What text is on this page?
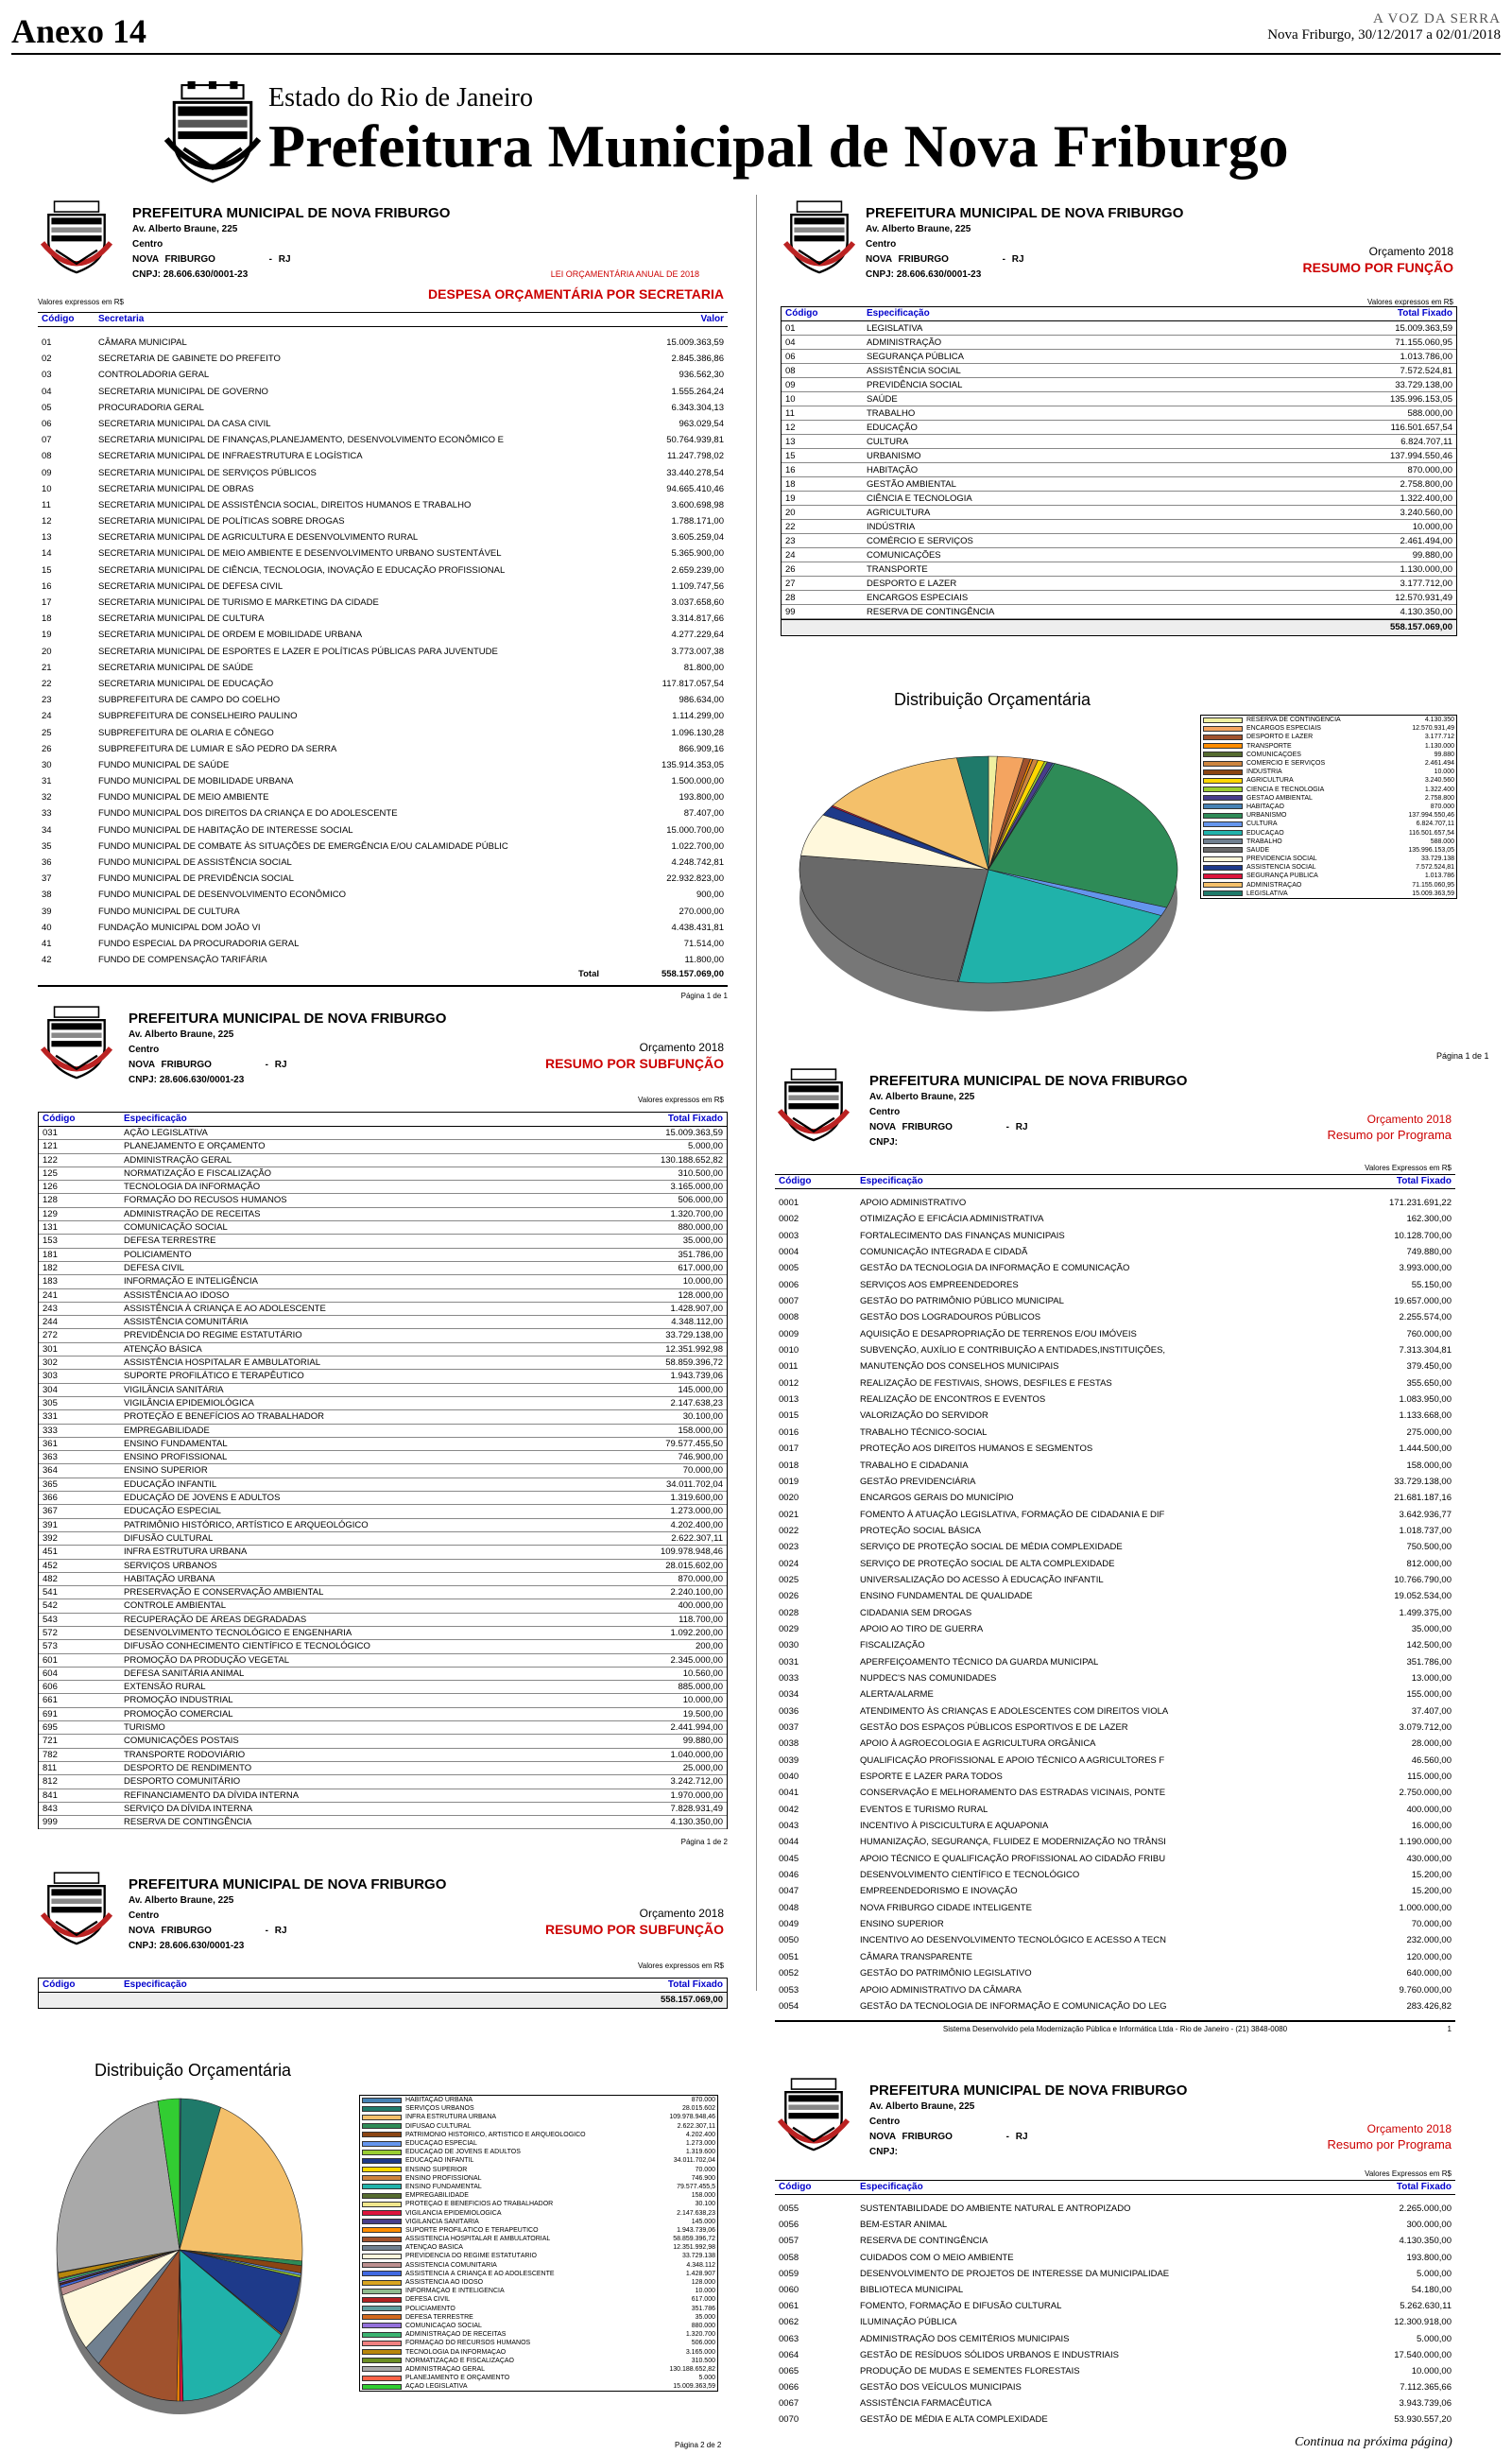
Anexo 14	A VOZ DA SERRA
Nova Friburgo, 30/12/2017 a 02/01/2018
Estado do Rio de Janeiro
Prefeitura Municipal de Nova Friburgo
PREFEITURA MUNICIPAL DE NOVA FRIBURGO
Av. Alberto Braune, 225
Centro
NOVA FRIBURGO	- RJ
CNPJ: 28.606.630/0001-23	LEI ORÇAMENTÁRIA ANUAL DE 2018
DESPESA ORÇAMENTÁRIA POR SECRETARIA
Valores expressos em R$
Código	Secretaria	Valor
01	CÂMARA MUNICIPAL	15.009.363,59
02	SECRETARIA DE GABINETE DO PREFEITO	2.845.386,86
03	CONTROLADORIA GERAL	936.562,30
04	SECRETARIA MUNICIPAL DE GOVERNO	1.555.264,24
05	PROCURADORIA GERAL	6.343.304,13
06	SECRETARIA MUNICIPAL DA CASA CIVIL	963.029,54
07	SECRETARIA MUNICIPAL DE FINANÇAS,PLANEJAMENTO, DESENVOLVIMENTO ECONÔMICO E	50.764.939,81
08	SECRETARIA MUNICIPAL DE INFRAESTRUTURA E LOGÍSTICA	11.247.798,02
09	SECRETARIA MUNICIPAL DE SERVIÇOS PÚBLICOS	33.440.278,54
10	SECRETARIA MUNICIPAL DE OBRAS	94.665.410,46
11	SECRETARIA MUNICIPAL DE ASSISTÊNCIA SOCIAL, DIREITOS HUMANOS E TRABALHO	3.600.698,98
12	SECRETARIA MUNICIPAL DE POLÍTICAS SOBRE DROGAS	1.788.171,00
13	SECRETARIA MUNICIPAL DE AGRICULTURA E DESENVOLVIMENTO RURAL	3.605.259,04
14	SECRETARIA MUNICIPAL DE MEIO AMBIENTE E DESENVOLVIMENTO URBANO SUSTENTÁVEL	5.365.900,00
15	SECRETARIA MUNICIPAL DE CIÊNCIA, TECNOLOGIA, INOVAÇÃO E EDUCAÇÃO PROFISSIONAL	2.659.239,00
16	SECRETARIA MUNICIPAL DE DEFESA CIVIL	1.109.747,56
17	SECRETARIA MUNICIPAL DE TURISMO E MARKETING DA CIDADE	3.037.658,60
18	SECRETARIA MUNICIPAL DE CULTURA	3.314.817,66
19	SECRETARIA MUNICIPAL DE ORDEM E MOBILIDADE URBANA	4.277.229,64
20	SECRETARIA MUNICIPAL DE ESPORTES E LAZER E POLÍTICAS PÚBLICAS PARA JUVENTUDE	3.773.007,38
21	SECRETARIA MUNICIPAL DE SAÚDE	81.800,00
22	SECRETARIA MUNICIPAL DE EDUCAÇÃO	117.817.057,54
23	SUBPREFEITURA DE CAMPO DO COELHO	986.634,00
24	SUBPREFEITURA DE CONSELHEIRO PAULINO	1.114.299,00
25	SUBPREFEITURA DE OLARIA E CÔNEGO	1.096.130,28
26	SUBPREFEITURA DE LUMIAR E SÃO PEDRO DA SERRA	866.909,16
30	FUNDO MUNICIPAL DE SAÚDE	135.914.353,05
31	FUNDO MUNICIPAL DE MOBILIDADE URBANA	1.500.000,00
32	FUNDO MUNICIPAL DE MEIO AMBIENTE	193.800,00
33	FUNDO MUNICIPAL DOS DIREITOS DA CRIANÇA E DO ADOLESCENTE	87.407,00
34	FUNDO MUNICIPAL DE HABITAÇÃO DE INTERESSE SOCIAL	15.000.700,00
35	FUNDO MUNICIPAL DE COMBATE ÀS SITUAÇÕES DE EMERGÊNCIA E/OU CALAMIDADE PÚBLIC	1.022.700,00
36	FUNDO MUNICIPAL DE ASSISTÊNCIA SOCIAL	4.248.742,81
37	FUNDO MUNICIPAL DE PREVIDÊNCIA SOCIAL	22.932.823,00
38	FUNDO MUNICIPAL DE DESENVOLVIMENTO ECONÔMICO	900,00
39	FUNDO MUNICIPAL DE CULTURA	270.000,00
40	FUNDAÇÃO MUNICIPAL DOM JOÃO VI	4.438.431,81
41	FUNDO ESPECIAL DA PROCURADORIA GERAL	71.514,00
42	FUNDO DE COMPENSAÇÃO TARIFÁRIA	11.800,00
Total	558.157.069,00
Página 1 de 1
PREFEITURA MUNICIPAL DE NOVA FRIBURGO
Av. Alberto Braune, 225
Centro
NOVA FRIBURGO	- RJ
CNPJ: 28.606.630/0001-23
Orçamento 2018
RESUMO POR FUNÇÃO
Valores expressos em R$
Código	Especificação	Total Fixado
01	LEGISLATIVA	15.009.363,59
04	ADMINISTRAÇÃO	71.155.060,95
06	SEGURANÇA PÚBLICA	1.013.786,00
08	ASSISTÊNCIA SOCIAL	7.572.524,81
09	PREVIDÊNCIA SOCIAL	33.729.138,00
10	SAÚDE	135.996.153,05
11	TRABALHO	588.000,00
12	EDUCAÇÃO	116.501.657,54
13	CULTURA	6.824.707,11
15	URBANISMO	137.994.550,46
16	HABITAÇÃO	870.000,00
18	GESTÃO AMBIENTAL	2.758.800,00
19	CIÊNCIA E TECNOLOGIA	1.322.400,00
20	AGRICULTURA	3.240.560,00
22	INDÚSTRIA	10.000,00
23	COMÉRCIO E SERVIÇOS	2.461.494,00
24	COMUNICAÇÕES	99.880,00
26	TRANSPORTE	1.130.000,00
27	DESPORTO E LAZER	3.177.712,00
28	ENCARGOS ESPECIAIS	12.570.931,49
99	RESERVA DE CONTINGÊNCIA	4.130.350,00
558.157.069,00
Distribuição Orçamentária
RESERVA DE CONTINGÊNCIA	4.130.350
ENCARGOS ESPECIAIS	12.570.931,49
DESPORTO E LAZER	3.177.712
TRANSPORTE	1.130.000
COMUNICAÇÕES	99.880
COMÉRCIO E SERVIÇOS	2.461.494
INDÚSTRIA	10.000
AGRICULTURA	3.240.560
CIÊNCIA E TECNOLOGIA	1.322.400
GESTÃO AMBIENTAL	2.758.800
HABITAÇÃO	870.000
URBANISMO	137.994.550,46
CULTURA	6.824.707,11
EDUCAÇÃO	116.501.657,54
TRABALHO	588.000
SAÚDE	135.996.153,05
PREVIDÊNCIA SOCIAL	33.729.138
ASSISTÊNCIA SOCIAL	7.572.524,81
SEGURANÇA PÚBLICA	1.013.786
ADMINISTRAÇÃO	71.155.060,95
LEGISLATIVA	15.009.363,59
Página 1 de 1
PREFEITURA MUNICIPAL DE NOVA FRIBURGO
Av. Alberto Braune, 225
Centro
NOVA FRIBURGO	- RJ
CNPJ: 28.606.630/0001-23
Orçamento 2018
RESUMO POR SUBFUNÇÃO
Valores expressos em R$
Código	Especificação	Total Fixado
031	AÇÃO LEGISLATIVA	15.009.363,59
121	PLANEJAMENTO E ORÇAMENTO	5.000,00
122	ADMINISTRAÇÃO GERAL	130.188.652,82
125	NORMATIZAÇÃO E FISCALIZAÇÃO	310.500,00
126	TECNOLOGIA DA INFORMAÇÃO	3.165.000,00
128	FORMAÇÃO DO RECUSOS HUMANOS	506.000,00
129	ADMINISTRAÇÃO DE RECEITAS	1.320.700,00
131	COMUNICAÇÃO SOCIAL	880.000,00
153	DEFESA TERRESTRE	35.000,00
181	POLICIAMENTO	351.786,00
182	DEFESA CIVIL	617.000,00
183	INFORMAÇÃO E INTELIGÊNCIA	10.000,00
241	ASSISTÊNCIA AO IDOSO	128.000,00
243	ASSISTÊNCIA À CRIANÇA E AO ADOLESCENTE	1.428.907,00
244	ASSISTÊNCIA COMUNITÁRIA	4.348.112,00
272	PREVIDÊNCIA DO REGIME ESTATUTÁRIO	33.729.138,00
301	ATENÇÃO BÁSICA	12.351.992,98
302	ASSISTÊNCIA HOSPITALAR E AMBULATORIAL	58.859.396,72
303	SUPORTE PROFILÁTICO E TERAPÊUTICO	1.943.739,06
304	VIGILÂNCIA SANITÁRIA	145.000,00
305	VIGILÂNCIA EPIDEMIOLÓGICA	2.147.638,23
331	PROTEÇÃO E BENEFÍCIOS AO TRABALHADOR	30.100,00
333	EMPREGABILIDADE	158.000,00
361	ENSINO FUNDAMENTAL	79.577.455,50
363	ENSINO PROFISSIONAL	746.900,00
364	ENSINO SUPERIOR	70.000,00
365	EDUCAÇÃO INFANTIL	34.011.702,04
366	EDUCAÇÃO DE JOVENS E ADULTOS	1.319.600,00
367	EDUCAÇÃO ESPECIAL	1.273.000,00
391	PATRIMÔNIO HISTÓRICO, ARTÍSTICO E ARQUEOLÓGICO	4.202.400,00
392	DIFUSÃO CULTURAL	2.622.307,11
451	INFRA ESTRUTURA URBANA	109.978.948,46
452	SERVIÇOS URBANOS	28.015.602,00
482	HABITAÇÃO URBANA	870.000,00
541	PRESERVAÇÃO E CONSERVAÇÃO AMBIENTAL	2.240.100,00
542	CONTROLE AMBIENTAL	400.000,00
543	RECUPERAÇÃO DE ÁREAS DEGRADADAS	118.700,00
572	DESENVOLVIMENTO TECNOLÓGICO E ENGENHARIA	1.092.200,00
573	DIFUSÃO CONHECIMENTO CIENTÍFICO E TECNOLÓGICO	200,00
601	PROMOÇÃO DA PRODUÇÃO VEGETAL	2.345.000,00
604	DEFESA SANITÁRIA ANIMAL	10.560,00
606	EXTENSÃO RURAL	885.000,00
661	PROMOÇÃO INDUSTRIAL	10.000,00
691	PROMOÇÃO COMERCIAL	19.500,00
695	TURISMO	2.441.994,00
721	COMUNICAÇÕES POSTAIS	99.880,00
782	TRANSPORTE RODOVIÁRIO	1.040.000,00
811	DESPORTO DE RENDIMENTO	25.000,00
812	DESPORTO COMUNITÁRIO	3.242.712,00
841	REFINANCIAMENTO DA DÍVIDA INTERNA	1.970.000,00
843	SERVIÇO DA DÍVIDA INTERNA	7.828.931,49
999	RESERVA DE CONTINGÊNCIA	4.130.350,00
Página 1 de 2
PREFEITURA MUNICIPAL DE NOVA FRIBURGO
Av. Alberto Braune, 225
Centro
NOVA FRIBURGO	- RJ
CNPJ: 28.606.630/0001-23
Orçamento 2018
RESUMO POR SUBFUNÇÃO
Valores expressos em R$
Código	Especificação	Total Fixado
558.157.069,00
Distribuição Orçamentária
HABITAÇÃO URBANA	870.000
SERVIÇOS URBANOS	28.015.602
INFRA ESTRUTURA URBANA	109.978.948,46
DIFUSÃO CULTURAL	2.622.307,11
PATRIMÔNIO HISTÓRICO, ARTÍSTICO E ARQUEOLÓGICO	4.202.400
EDUCAÇÃO ESPECIAL	1.273.000
EDUCAÇÃO DE JOVENS E ADULTOS	1.319.600
EDUCAÇÃO INFANTIL	34.011.702,04
ENSINO SUPERIOR	70.000
ENSINO PROFISSIONAL	746.900
ENSINO FUNDAMENTAL	79.577.455,5
EMPREGABILIDADE	158.000
PROTEÇÃO E BENEFÍCIOS AO TRABALHADOR	30.100
VIGILÂNCIA EPIDEMIOLÓGICA	2.147.638,23
VIGILÂNCIA SANITÁRIA	145.000
SUPORTE PROFILÁTICO E TERAPÊUTICO	1.943.739,06
ASSISTÊNCIA HOSPITALAR E AMBULATORIAL	58.859.396,72
ATENÇÃO BÁSICA	12.351.992,98
PREVIDÊNCIA DO REGIME ESTATUTÁRIO	33.729.138
ASSISTÊNCIA COMUNITÁRIA	4.348.112
ASSISTÊNCIA À CRIANÇA E AO ADOLESCENTE	1.428.907
ASSISTÊNCIA AO IDOSO	128.000
INFORMAÇÃO E INTELIGÊNCIA	10.000
DEFESA CIVIL	617.000
POLICIAMENTO	351.786
DEFESA TERRESTRE	35.000
COMUNICAÇÃO SOCIAL	880.000
ADMINISTRAÇÃO DE RECEITAS	1.320.700
FORMAÇÃO DO RECURSOS HUMANOS	506.000
TECNOLOGIA DA INFORMAÇÃO	3.165.000
NORMATIZAÇÃO E FISCALIZAÇÃO	310.500
ADMINISTRAÇÃO GERAL	130.188.652,82
PLANEJAMENTO E ORÇAMENTO	5.000
AÇÃO LEGISLATIVA	15.009.363,59
Página 2 de 2
PREFEITURA MUNICIPAL DE NOVA FRIBURGO
Av. Alberto Braune, 225
Centro
NOVA FRIBURGO	- RJ
CNPJ:
Orçamento 2018
Resumo por Programa
Valores Expressos em R$
Código	Especificação	Total Fixado
0001	APOIO ADMINISTRATIVO	171.231.691,22
0002	OTIMIZAÇÃO E EFICÁCIA ADMINISTRATIVA	162.300,00
0003	FORTALECIMENTO DAS FINANÇAS MUNICIPAIS	10.128.700,00
0004	COMUNICAÇÃO INTEGRADA E CIDADÃ	749.880,00
0005	GESTÃO DA TECNOLOGIA DA INFORMAÇÃO E COMUNICAÇÃO	3.993.000,00
0006	SERVIÇOS AOS EMPREENDEDORES	55.150,00
0007	GESTÃO DO PATRIMÔNIO PÚBLICO MUNICIPAL	19.657.000,00
0008	GESTÃO DOS LOGRADOUROS PÚBLICOS	2.255.574,00
0009	AQUISIÇÃO E DESAPROPRIAÇÃO DE TERRENOS E/OU IMÓVEIS	760.000,00
0010	SUBVENÇÃO, AUXÍLIO E CONTRIBUIÇÃO A ENTIDADES,INSTITUIÇÕES,	7.313.304,81
0011	MANUTENÇÃO DOS CONSELHOS MUNICIPAIS	379.450,00
0012	REALIZAÇÃO DE FESTIVAIS, SHOWS, DESFILES E FESTAS	355.650,00
0013	REALIZAÇÃO DE ENCONTROS E EVENTOS	1.083.950,00
0015	VALORIZAÇÃO DO SERVIDOR	1.133.668,00
0016	TRABALHO TÉCNICO-SOCIAL	275.000,00
0017	PROTEÇÃO AOS DIREITOS HUMANOS E SEGMENTOS	1.444.500,00
0018	TRABALHO E CIDADANIA	158.000,00
0019	GESTÃO PREVIDENCIÁRIA	33.729.138,00
0020	ENCARGOS GERAIS DO MUNICÍPIO	21.681.187,16
0021	FOMENTO À ATUAÇÃO LEGISLATIVA, FORMAÇÃO DE CIDADANIA E DIF	3.642.936,77
0022	PROTEÇÃO SOCIAL BÁSICA	1.018.737,00
0023	SERVIÇO DE PROTEÇÃO SOCIAL DE MÉDIA COMPLEXIDADE	750.500,00
0024	SERVIÇO DE PROTEÇÃO SOCIAL DE ALTA COMPLEXIDADE	812.000,00
0025	UNIVERSALIZAÇÃO DO ACESSO À EDUCAÇÃO INFANTIL	10.766.790,00
0026	ENSINO FUNDAMENTAL DE QUALIDADE	19.052.534,00
0028	CIDADANIA SEM DROGAS	1.499.375,00
0029	APOIO AO TIRO DE GUERRA	35.000,00
0030	FISCALIZAÇÃO	142.500,00
0031	APERFEIÇOAMENTO TÉCNICO DA GUARDA MUNICIPAL	351.786,00
0033	NUPDEC'S NAS COMUNIDADES	13.000,00
0034	ALERTA/ALARME	155.000,00
0036	ATENDIMENTO ÀS CRIANÇAS E ADOLESCENTES COM DIREITOS VIOLA	37.407,00
0037	GESTÃO DOS ESPAÇOS PÚBLICOS ESPORTIVOS E DE LAZER	3.079.712,00
0038	APOIO À AGROECOLOGIA E AGRICULTURA ORGÂNICA	28.000,00
0039	QUALIFICAÇÃO PROFISSIONAL E APOIO TÉCNICO A AGRICULTORES F	46.560,00
0040	ESPORTE E LAZER PARA TODOS	115.000,00
0041	CONSERVAÇÃO E MELHORAMENTO DAS ESTRADAS VICINAIS, PONTE	2.750.000,00
0042	EVENTOS E TURISMO RURAL	400.000,00
0043	INCENTIVO À PISCICULTURA E AQUAPONIA	16.000,00
0044	HUMANIZAÇÃO, SEGURANÇA, FLUIDEZ E MODERNIZAÇÃO NO TRÂNSI	1.190.000,00
0045	APOIO TÉCNICO E QUALIFICAÇÃO PROFISSIONAL AO CIDADÃO FRIBU	430.000,00
0046	DESENVOLVIMENTO CIENTÍFICO E TECNOLÓGICO	15.200,00
0047	EMPREENDEDORISMO E INOVAÇÃO	15.200,00
0048	NOVA FRIBURGO CIDADE INTELIGENTE	1.000.000,00
0049	ENSINO SUPERIOR	70.000,00
0050	INCENTIVO AO DESENVOLVIMENTO TECNOLÓGICO E ACESSO A TECN	232.000,00
0051	CÂMARA TRANSPARENTE	120.000,00
0052	GESTÃO DO PATRIMÔNIO LEGISLATIVO	640.000,00
0053	APOIO ADMINISTRATIVO DA CÂMARA	9.760.000,00
0054	GESTÃO DA TECNOLOGIA DE INFORMAÇÃO E COMUNICAÇÃO DO LEG	283.426,82
Sistema Desenvolvido pela Modernização Pública e Informática Ltda - Rio de Janeiro - (21) 3848-0080	1
PREFEITURA MUNICIPAL DE NOVA FRIBURGO
Av. Alberto Braune, 225
Centro
NOVA FRIBURGO	- RJ
CNPJ:
Orçamento 2018
Resumo por Programa
Valores Expressos em R$
Código	Especificação	Total Fixado
0055	SUSTENTABILIDADE DO AMBIENTE NATURAL E ANTROPIZADO	2.265.000,00
0056	BEM-ESTAR ANIMAL	300.000,00
0057	RESERVA DE CONTINGÊNCIA	4.130.350,00
0058	CUIDADOS COM O MEIO AMBIENTE	193.800,00
0059	DESENVOLVIMENTO DE PROJETOS DE INTERESSE DA MUNICIPALIDAE	5.000,00
0060	BIBLIOTECA MUNICIPAL	54.180,00
0061	FOMENTO, FORMAÇÃO E DIFUSÃO CULTURAL	5.262.630,11
0062	ILUMINAÇÃO PÚBLICA	12.300.918,00
0063	ADMINISTRAÇÃO DOS CEMITÉRIOS MUNICIPAIS	5.000,00
0064	GESTÃO DE RESÍDUOS SÓLIDOS URBANOS E INDUSTRIAIS	17.540.000,00
0065	PRODUÇÃO DE MUDAS E SEMENTES FLORESTAIS	10.000,00
0066	GESTÃO DOS VEÍCULOS MUNICIPAIS	7.112.365,66
0067	ASSISTÊNCIA FARMACÊUTICA	3.943.739,06
0070	GESTÃO DE MÉDIA E ALTA COMPLEXIDADE	53.930.557,20
Continua na próxima página)
